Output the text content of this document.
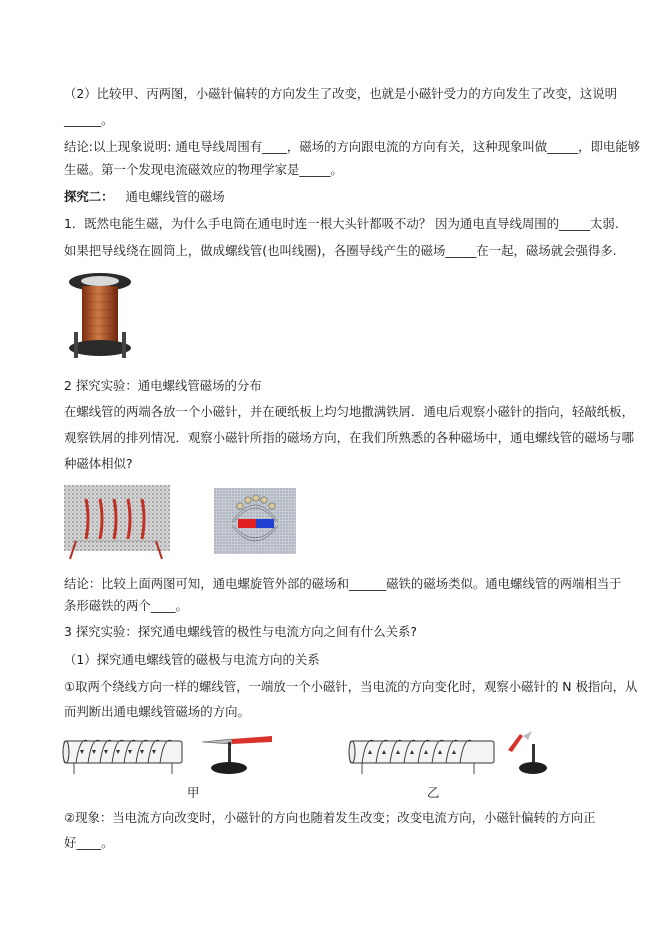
（2）比较甲、丙两图，小磁针偏转的方向发生了改变，也就是小磁针受力的方向发生了改变，这说明
______。
结论:以上现象说明: 通电导线周围有____，磁场的方向跟电流的方向有关，这种现象叫做_____，即电能够
生磁。第一个发现电流磁效应的物理学家是_____。
探究二： 通电螺线管的磁场
1．既然电能生磁，为什么手电筒在通电时连一根大头针都吸不动？ 因为通电直导线周围的_____太弱.
如果把导线绕在圆筒上，做成螺线管(也叫线圈)，各圈导线产生的磁场_____在一起，磁场就会强得多.
2 探究实验：通电螺线管磁场的分布
在螺线管的两端各放一个小磁针，并在硬纸板上均匀地撒满铁屑．通电后观察小磁针的指向，轻敲纸板，
观察铁屑的排列情况．观察小磁针所指的磁场方向，在我们所熟悉的各种磁场中，通电螺线管的磁场与哪
种磁体相似?
结论：比较上面两图可知，通电螺旋管外部的磁场和______磁铁的磁场类似。通电螺线管的两端相当于
条形磁铁的两个____。
3 探究实验：探究通电螺线管的极性与电流方向之间有什么关系?
（1）探究通电螺线管的磁极与电流方向的关系
①取两个绕线方向一样的螺线管，一端放一个小磁针，当电流的方向变化时，观察小磁针的 N 极指向，从
而判断出通电螺线管磁场的方向。
甲	乙
②现象：当电流方向改变时，小磁针的方向也随着发生改变；改变电流方向，小磁针偏转的方向正
好____。
